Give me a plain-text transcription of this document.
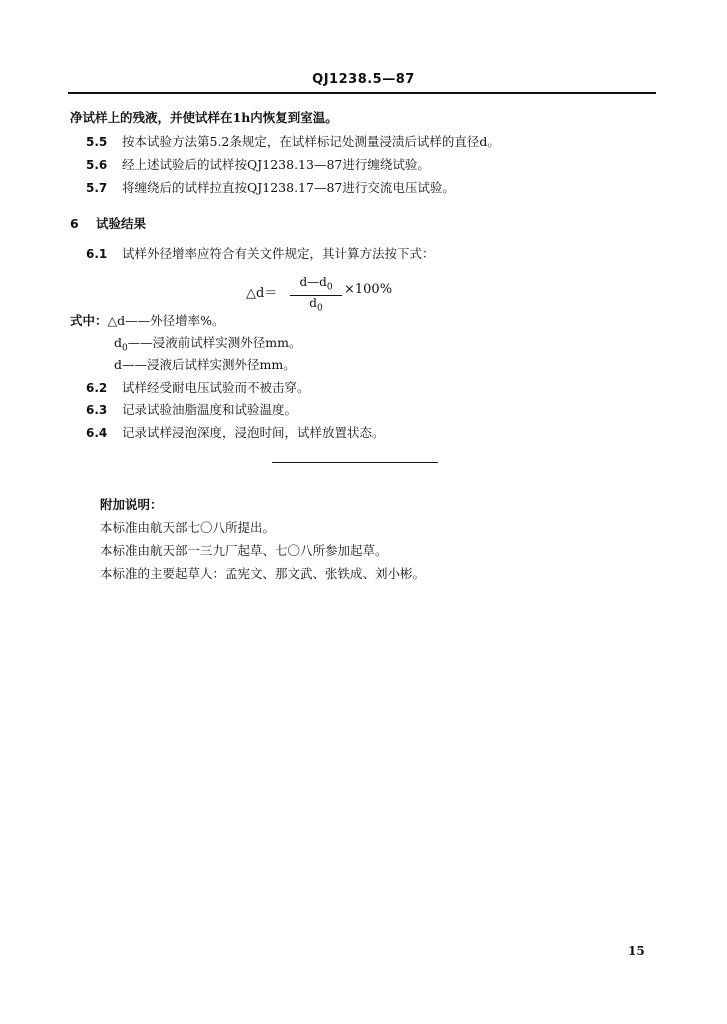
QJ1238.5—87
净试样上的残液，并使试样在1h内恢复到室温。
5.5 按本试验方法第5.2条规定，在试样标记处测量浸渍后试样的直径d。
5.6 经上述试验后的试样按QJ1238.13—87进行缠绕试验。
5.7 将缠绕后的试样拉直按QJ1238.17—87进行交流电压试验。
6 试验结果
6.1 试样外径增率应符合有关文件规定，其计算方法按下式：
△d＝
$d—d_0$
$d_0$
×100%
式中：△d——外径增率%。
$d_0——$浸液前试样实测外径mm。
d——浸液后试样实测外径mm。
6.2 试样经受耐电压试验而不被击穿。
6.3 记录试验油脂温度和试验温度。
6.4 记录试样浸泡深度，浸泡时间，试样放置状态。
附加说明：
本标准由航天部七〇八所提出。
本标准由航天部一三九厂起草、七〇八所参加起草。
本标准的主要起草人：孟宪文、那文武、张铁成、刘小彬。
15
